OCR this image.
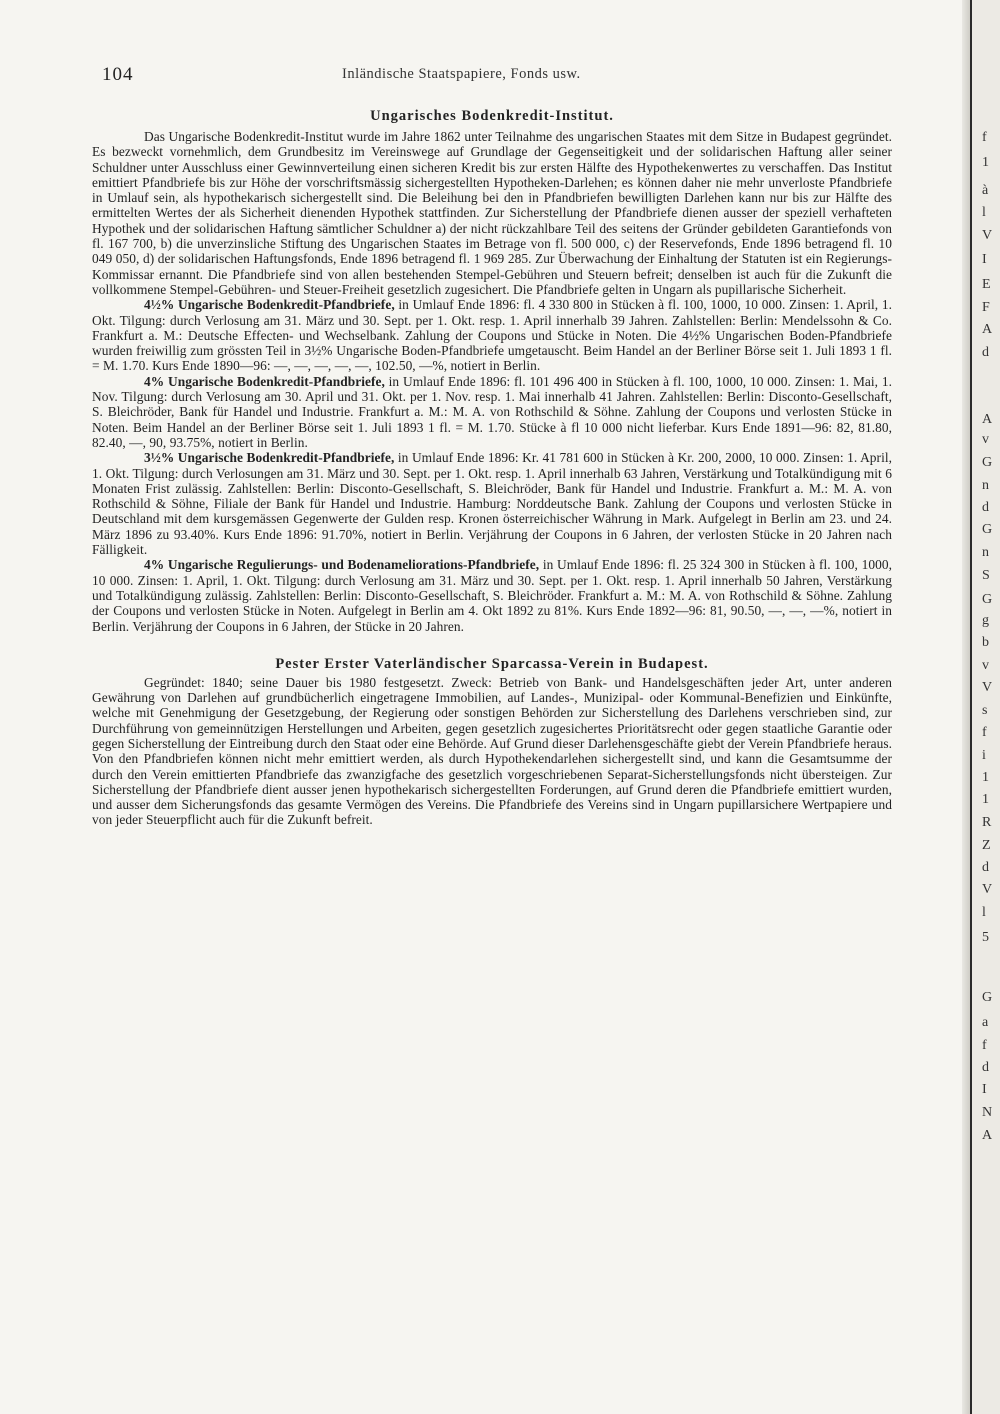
104	Inländische Staatspapiere, Fonds usw.
Ungarisches Bodenkredit-Institut.

Das Ungarische Bodenkredit-Institut wurde im Jahre 1862 unter Teilnahme des ungarischen Staates mit dem Sitze in Budapest gegründet. Es bezweckt vornehmlich, dem Grundbesitz im Vereinswege auf Grundlage der Gegenseitigkeit und der solidarischen Haftung aller seiner Schuldner unter Ausschluss einer Gewinnverteilung einen sicheren Kredit bis zur ersten Hälfte des Hypothekenwertes zu verschaffen. Das Institut emittiert Pfandbriefe bis zur Höhe der vorschriftsmässig sichergestellten Hypotheken-Darlehen; es können daher nie mehr unverloste Pfandbriefe in Umlauf sein, als hypothekarisch sichergestellt sind. Die Beleihung bei den in Pfandbriefen bewilligten Darlehen kann nur bis zur Hälfte des ermittelten Wertes der als Sicherheit dienenden Hypothek stattfinden. Zur Sicherstellung der Pfandbriefe dienen ausser der speziell verhafteten Hypothek und der solidarischen Haftung sämtlicher Schuldner a) der nicht rückzahlbare Teil des seitens der Gründer gebildeten Garantiefonds von fl. 167 700, b) die unverzinsliche Stiftung des Ungarischen Staates im Betrage von fl. 500 000, c) der Reservefonds, Ende 1896 betragend fl. 10 049 050, d) der solidarischen Haftungsfonds, Ende 1896 betragend fl. 1 969 285. Zur Überwachung der Einhaltung der Statuten ist ein Regierungs-Kommissar ernannt. Die Pfandbriefe sind von allen bestehenden Stempel-Gebühren und Steuern befreit; denselben ist auch für die Zukunft die vollkommene Stempel-Gebühren- und Steuer-Freiheit gesetzlich zugesichert. Die Pfandbriefe gelten in Ungarn als pupillarische Sicherheit.

4½% Ungarische Bodenkredit-Pfandbriefe, in Umlauf Ende 1896: fl. 4 330 800 in Stücken à fl. 100, 1000, 10 000. Zinsen: 1. April, 1. Okt. Tilgung: durch Verlosung am 31. März und 30. Sept. per 1. Okt. resp. 1. April innerhalb 39 Jahren. Zahlstellen: Berlin: Mendelssohn & Co. Frankfurt a. M.: Deutsche Effecten- und Wechselbank. Zahlung der Coupons und Stücke in Noten. Die 4½% Ungarischen Boden-Pfandbriefe wurden freiwillig zum grössten Teil in 3½% Ungarische Boden-Pfandbriefe umgetauscht. Beim Handel an der Berliner Börse seit 1. Juli 1893 1 fl. = M. 1.70. Kurs Ende 1890—96: —, —, —, —, —, 102.50, —%, notiert in Berlin.

4% Ungarische Bodenkredit-Pfandbriefe, in Umlauf Ende 1896: fl. 101 496 400 in Stücken à fl. 100, 1000, 10 000. Zinsen: 1. Mai, 1. Nov. Tilgung: durch Verlosung am 30. April und 31. Okt. per 1. Nov. resp. 1. Mai innerhalb 41 Jahren. Zahlstellen: Berlin: Disconto-Gesellschaft, S. Bleichröder, Bank für Handel und Industrie. Frankfurt a. M.: M. A. von Rothschild & Söhne. Zahlung der Coupons und verlosten Stücke in Noten. Beim Handel an der Berliner Börse seit 1. Juli 1893 1 fl. = M. 1.70. Stücke à fl 10 000 nicht lieferbar. Kurs Ende 1891—96: 82, 81.80, 82.40, —, 90, 93.75%, notiert in Berlin.

3½% Ungarische Bodenkredit-Pfandbriefe, in Umlauf Ende 1896: Kr. 41 781 600 in Stücken à Kr. 200, 2000, 10 000. Zinsen: 1. April, 1. Okt. Tilgung: durch Verlosungen am 31. März und 30. Sept. per 1. Okt. resp. 1. April innerhalb 63 Jahren, Verstärkung und Totalkündigung mit 6 Monaten Frist zulässig. Zahlstellen: Berlin: Disconto-Gesellschaft, S. Bleichröder, Bank für Handel und Industrie. Frankfurt a. M.: M. A. von Rothschild & Söhne, Filiale der Bank für Handel und Industrie. Hamburg: Norddeutsche Bank. Zahlung der Coupons und verlosten Stücke in Deutschland mit dem kursgemässen Gegenwerte der Gulden resp. Kronen österreichischer Währung in Mark. Aufgelegt in Berlin am 23. und 24. März 1896 zu 93.40%. Kurs Ende 1896: 91.70%, notiert in Berlin. Verjährung der Coupons in 6 Jahren, der verlosten Stücke in 20 Jahren nach Fälligkeit.

4% Ungarische Regulierungs- und Bodenameliorations-Pfandbriefe, in Umlauf Ende 1896: fl. 25 324 300 in Stücken à fl. 100, 1000, 10 000. Zinsen: 1. April, 1. Okt. Tilgung: durch Verlosung am 31. März und 30. Sept. per 1. Okt. resp. 1. April innerhalb 50 Jahren, Verstärkung und Totalkündigung zulässig. Zahlstellen: Berlin: Disconto-Gesellschaft, S. Bleichröder. Frankfurt a. M.: M. A. von Rothschild & Söhne. Zahlung der Coupons und verlosten Stücke in Noten. Aufgelegt in Berlin am 4. Okt 1892 zu 81%. Kurs Ende 1892—96: 81, 90.50, —, —, —%, notiert in Berlin. Verjährung der Coupons in 6 Jahren, der Stücke in 20 Jahren.

Pester Erster Vaterländischer Sparcassa-Verein in Budapest.

Gegründet: 1840; seine Dauer bis 1980 festgesetzt. Zweck: Betrieb von Bank- und Handelsgeschäften jeder Art, unter anderen Gewährung von Darlehen auf grundbücherlich eingetragene Immobilien, auf Landes-, Munizipal- oder Kommunal-Benefizien und Einkünfte, welche mit Genehmigung der Gesetzgebung, der Regierung oder sonstigen Behörden zur Sicherstellung des Darlehens verschrieben sind, zur Durchführung von gemeinnützigen Herstellungen und Arbeiten, gegen gesetzlich zugesichertes Prioritätsrecht oder gegen staatliche Garantie oder gegen Sicherstellung der Eintreibung durch den Staat oder eine Behörde. Auf Grund dieser Darlehensgeschäfte giebt der Verein Pfandbriefe heraus. Von den Pfandbriefen können nicht mehr emittiert werden, als durch Hypothekendarlehen sichergestellt sind, und kann die Gesamtsumme der durch den Verein emittierten Pfandbriefe das zwanzigfache des gesetzlich vorgeschriebenen Separat-Sicherstellungsfonds nicht übersteigen. Zur Sicherstellung der Pfandbriefe dient ausser jenen hypothekarisch sichergestellten Forderungen, auf Grund deren die Pfandbriefe emittiert wurden, und ausser dem Sicherungsfonds das gesamte Vermögen des Vereins. Die Pfandbriefe des Vereins sind in Ungarn pupillarsichere Wertpapiere und von jeder Steuerpflicht auch für die Zukunft befreit.

f
1
à
l
V
I
E
F
A
d
A
v
G
n
d
G
n
S
G
g
b
v
V
s
f
i
1
1
R
Z
d
V
l
5
G
a
f
d
I
N
A
